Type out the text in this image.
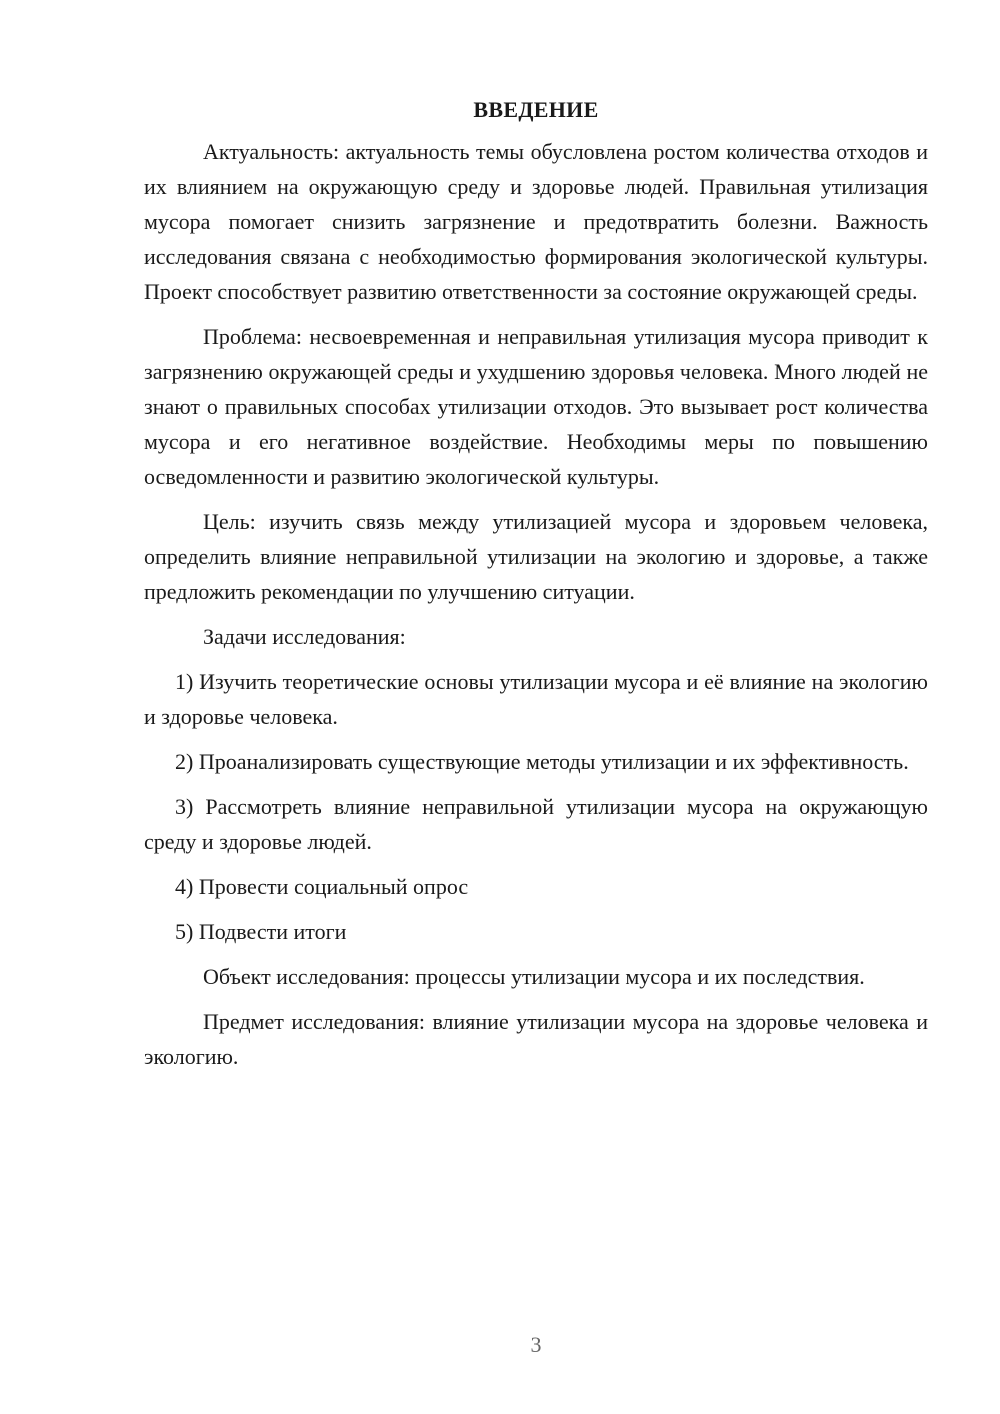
ВВЕДЕНИЕ

Актуальность: актуальность темы обусловлена ростом количества отходов и их влиянием на окружающую среду и здоровье людей. Правильная утилизация мусора помогает снизить загрязнение и предотвратить болезни. Важность исследования связана с необходимостью формирования экологической культуры. Проект способствует развитию ответственности за состояние окружающей среды.

Проблема: несвоевременная и неправильная утилизация мусора приводит к загрязнению окружающей среды и ухудшению здоровья человека. Много людей не знают о правильных способах утилизации отходов. Это вызывает рост количества мусора и его негативное воздействие. Необходимы меры по повышению осведомленности и развитию экологической культуры.

Цель: изучить связь между утилизацией мусора и здоровьем человека, определить влияние неправильной утилизации на экологию и здоровье, а также предложить рекомендации по улучшению ситуации.

Задачи исследования:

1) Изучить теоретические основы утилизации мусора и её влияние на экологию и здоровье человека.

2) Проанализировать существующие методы утилизации и их эффективность.

3) Рассмотреть влияние неправильной утилизации мусора на окружающую среду и здоровье людей.

4) Провести социальный опрос

5) Подвести итоги

Объект исследования: процессы утилизации мусора и их последствия.

Предмет исследования: влияние утилизации мусора на здоровье человека и экологию.

3
